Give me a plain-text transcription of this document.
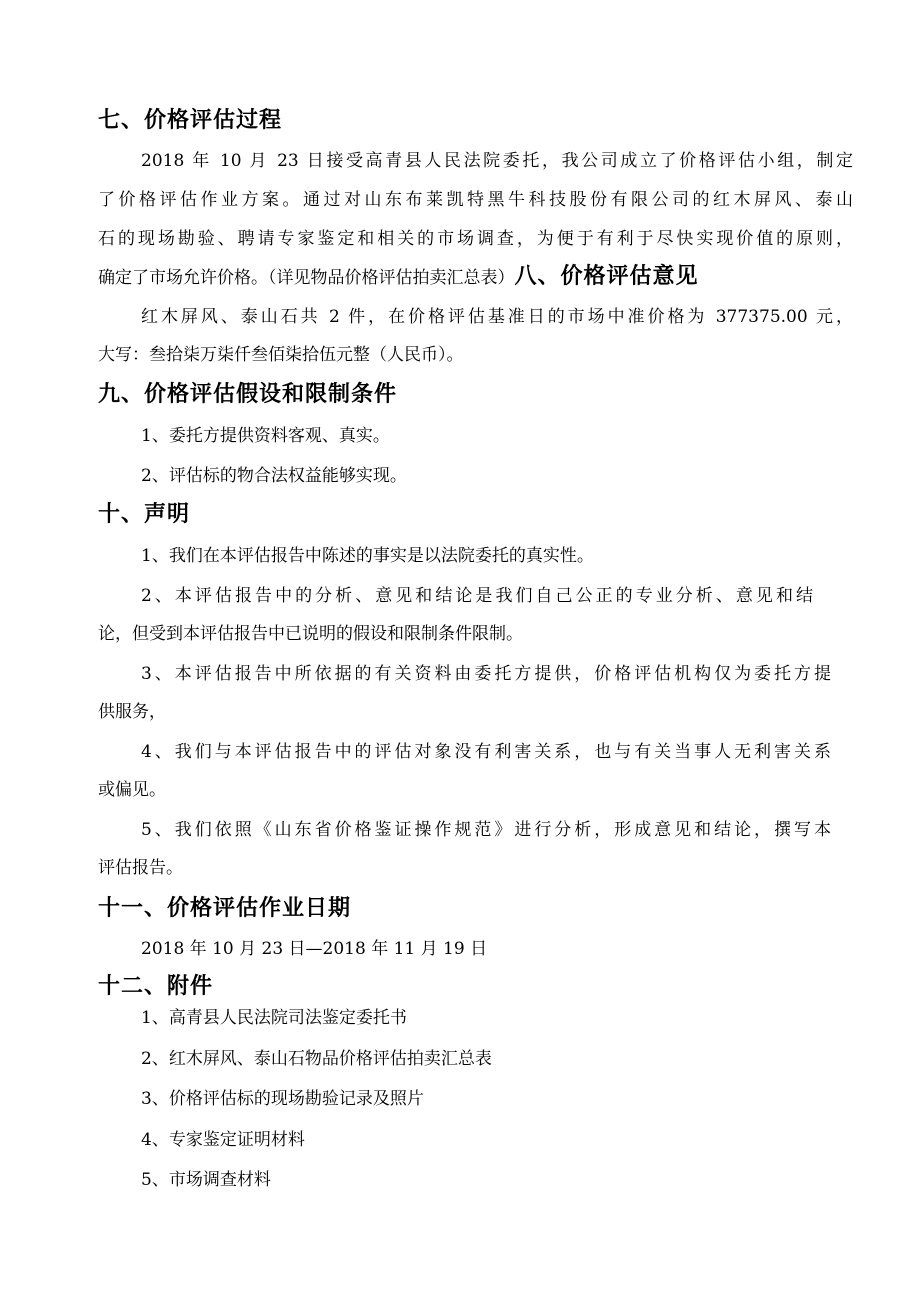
七、价格评估过程
2018 年 10 月 23 日接受高青县人民法院委托，我公司成立了价格评估小组，制定
了价格评估作业方案。通过对山东布莱凯特黑牛科技股份有限公司的红木屏风、泰山
石的现场勘验、聘请专家鉴定和相关的市场调查，为便于有利于尽快实现价值的原则，
确定了市场允许价格。（详见物品价格评估拍卖汇总表）八、价格评估意见
红木屏风、泰山石共 2 件，在价格评估基准日的市场中准价格为 377375.00 元，
大写：叁拾柒万柒仟叁佰柒拾伍元整（人民币）。
九、价格评估假设和限制条件
1、委托方提供资料客观、真实。
2、评估标的物合法权益能够实现。
十、声明
1、我们在本评估报告中陈述的事实是以法院委托的真实性。
2、本评估报告中的分析、意见和结论是我们自己公正的专业分析、意见和结
论，但受到本评估报告中已说明的假设和限制条件限制。
3、本评估报告中所依据的有关资料由委托方提供，价格评估机构仅为委托方提
供服务，
4、我们与本评估报告中的评估对象没有利害关系，也与有关当事人无利害关系
或偏见。
5、我们依照《山东省价格鉴证操作规范》进行分析，形成意见和结论，撰写本
评估报告。
十一、价格评估作业日期
2018 年 10 月 23 日—2018 年 11 月 19 日
十二、附件
1、高青县人民法院司法鉴定委托书
2、红木屏风、泰山石物品价格评估拍卖汇总表
3、价格评估标的现场勘验记录及照片
4、专家鉴定证明材料
5、市场调查材料
